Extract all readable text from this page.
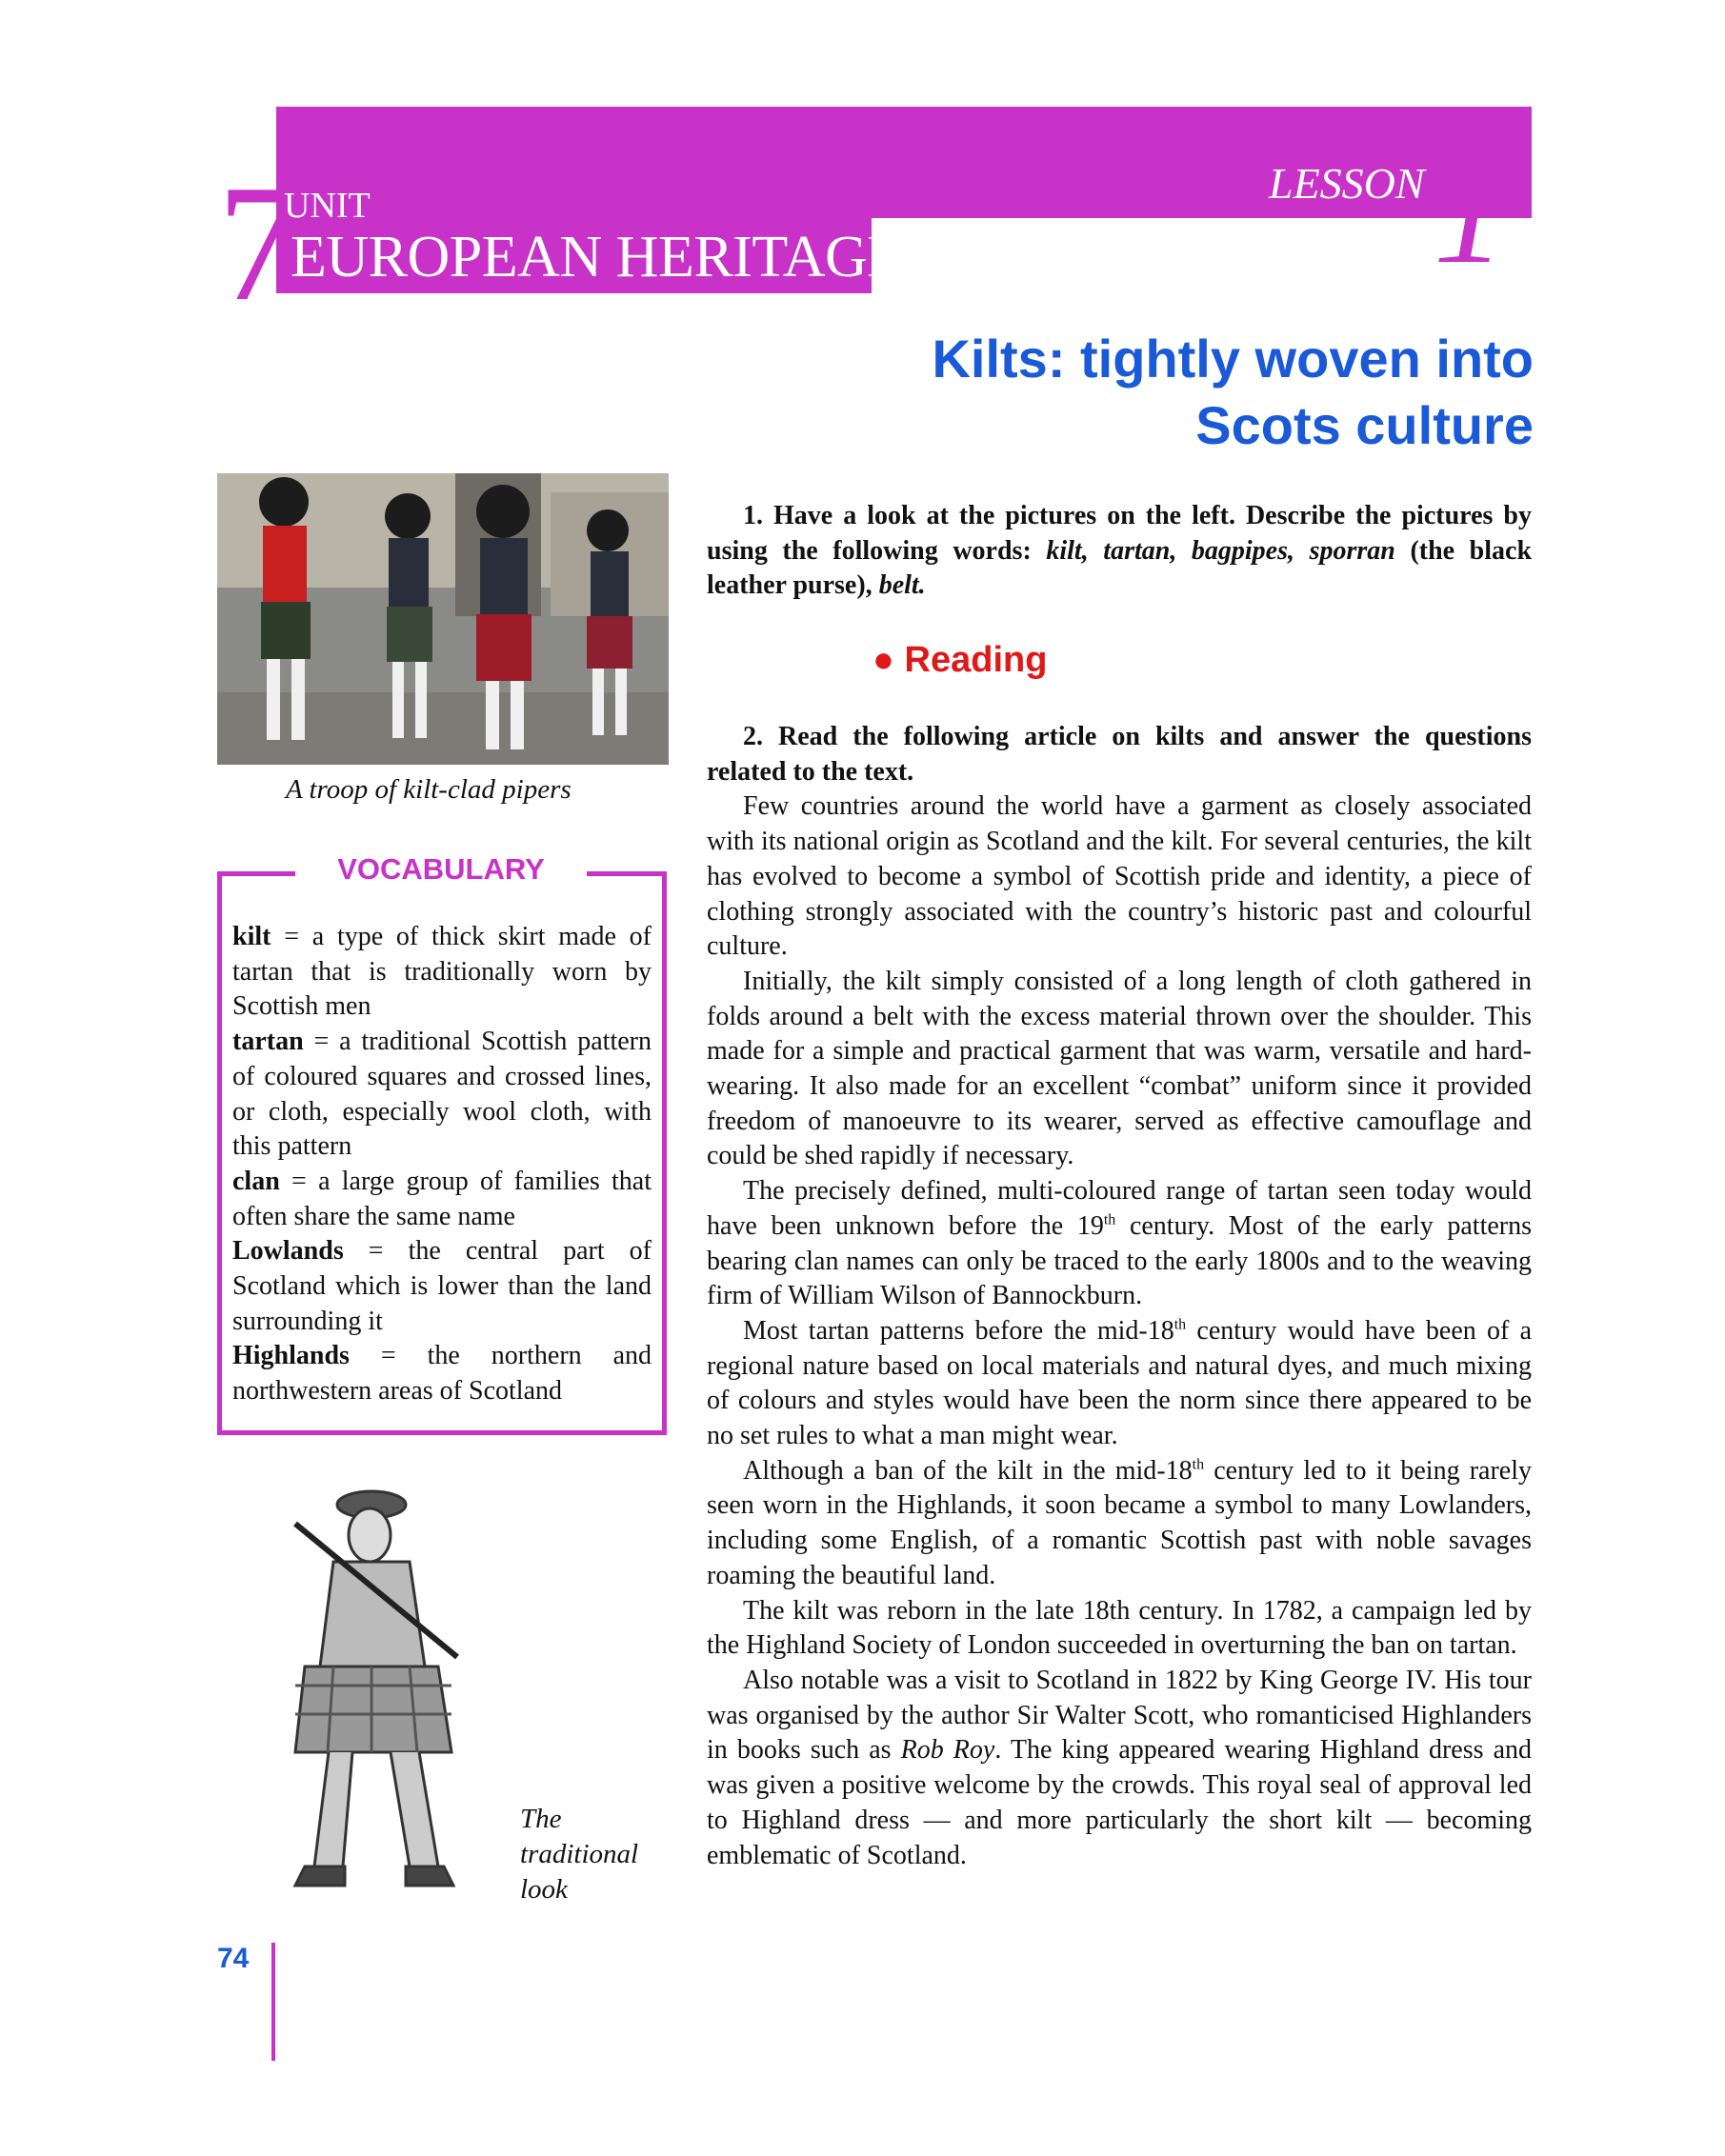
7
UNIT
EUROPEAN HERITAGE
LESSON 1
Kilts: tightly woven into
Scots culture
A troop of kilt-clad pipers
VOCABULARY
kilt = a type of thick skirt made of tartan that is traditionally worn by Scottish men
tartan = a traditional Scottish pattern of coloured squares and crossed lines, or cloth, especially wool cloth, with this pattern
clan = a large group of families that often share the same name
Lowlands = the central part of Scotland which is lower than the land surrounding it
Highlands = the northern and northwestern areas of Scotland
The
traditional
look
74
1. Have a look at the pictures on the left. Describe the pictures by using the following words: kilt, tartan, bagpipes, sporran (the black leather purse), belt.
● Reading

2. Read the following article on kilts and answer the questions related to the text.

Few countries around the world have a garment as closely associated with its national origin as Scotland and the kilt. For several centuries, the kilt has evolved to become a symbol of Scottish pride and identity, a piece of clothing strongly associated with the country’s historic past and colourful culture.

Initially, the kilt simply consisted of a long length of cloth gathered in folds around a belt with the excess material thrown over the shoulder. This made for a simple and practical garment that was warm, versatile and hard-wearing. It also made for an excellent “combat” uniform since it provided freedom of manoeuvre to its wearer, served as effective camouflage and could be shed rapidly if necessary.

The precisely defined, multi-coloured range of tartan seen today would have been unknown before the 19th century. Most of the early patterns bearing clan names can only be traced to the early 1800s and to the weaving firm of William Wilson of Bannockburn.

Most tartan patterns before the mid-18th century would have been of a regional nature based on local materials and natural dyes, and much mixing of colours and styles would have been the norm since there appeared to be no set rules to what a man might wear.

Although a ban of the kilt in the mid-18th century led to it being rarely seen worn in the Highlands, it soon became a symbol to many Lowlanders, including some English, of a romantic Scottish past with noble savages roaming the beautiful land.

The kilt was reborn in the late 18th century. In 1782, a campaign led by the Highland Society of London succeeded in overturning the ban on tartan.

Also notable was a visit to Scotland in 1822 by King George IV. His tour was organised by the author Sir Walter Scott, who romanticised Highlanders in books such as Rob Roy. The king appeared wearing Highland dress and was given a positive welcome by the crowds. This royal seal of approval led to Highland dress — and more particularly the short kilt — becoming emblematic of Scotland.
